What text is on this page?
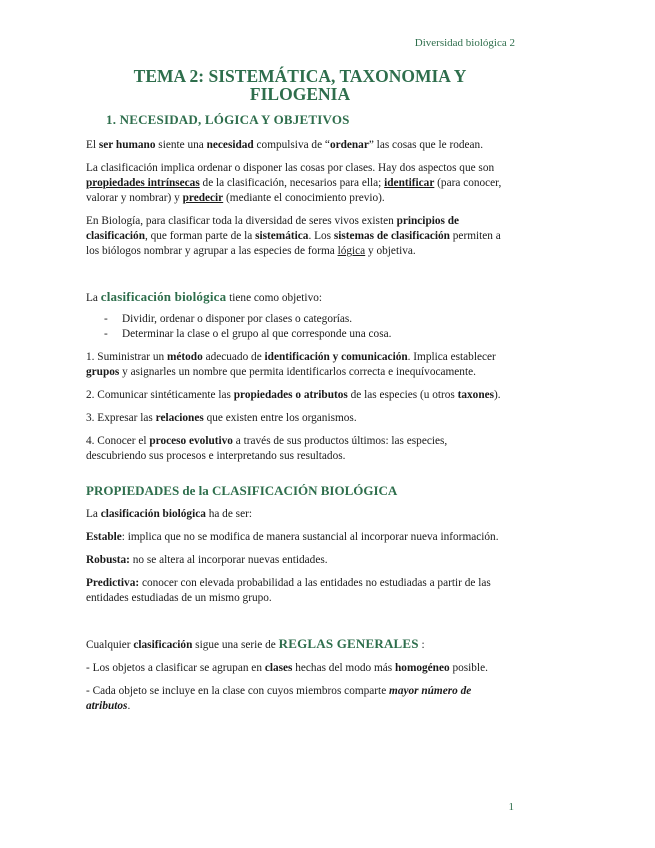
Diversidad biológica 2
TEMA 2: SISTEMÁTICA, TAXONOMIA Y
FILOGENIA
1. NECESIDAD, LÓGICA Y OBJETIVOS

El ser humano siente una necesidad compulsiva de “ordenar” las cosas que le rodean.

La clasificación implica ordenar o disponer las cosas por clases. Hay dos aspectos que son propiedades intrínsecas de la clasificación, necesarios para ella; identificar (para conocer, valorar y nombrar) y predecir (mediante el conocimiento previo).

En Biología, para clasificar toda la diversidad de seres vivos existen principios de clasificación, que forman parte de la sistemática. Los sistemas de clasificación permiten a los biólogos nombrar y agrupar a las especies de forma lógica y objetiva.

La clasificación biológica tiene como objetivo:

- Dividir, ordenar o disponer por clases o categorías.
- Determinar la clase o el grupo al que corresponde una cosa.

1. Suministrar un método adecuado de identificación y comunicación. Implica establecer grupos y asignarles un nombre que permita identificarlos correcta e inequívocamente.

2. Comunicar sintéticamente las propiedades o atributos de las especies (u otros taxones).

3. Expresar las relaciones que existen entre los organismos.

4. Conocer el proceso evolutivo a través de sus productos últimos: las especies, descubriendo sus procesos e interpretando sus resultados.

PROPIEDADES de la CLASIFICACIÓN BIOLÓGICA

La clasificación biológica ha de ser:

Estable: implica que no se modifica de manera sustancial al incorporar nueva información.

Robusta: no se altera al incorporar nuevas entidades.

Predictiva: conocer con elevada probabilidad a las entidades no estudiadas a partir de las entidades estudiadas de un mismo grupo.

Cualquier clasificación sigue una serie de REGLAS GENERALES :

- Los objetos a clasificar se agrupan en clases hechas del modo más homogéneo posible.

- Cada objeto se incluye en la clase con cuyos miembros comparte mayor número de atributos.

1
